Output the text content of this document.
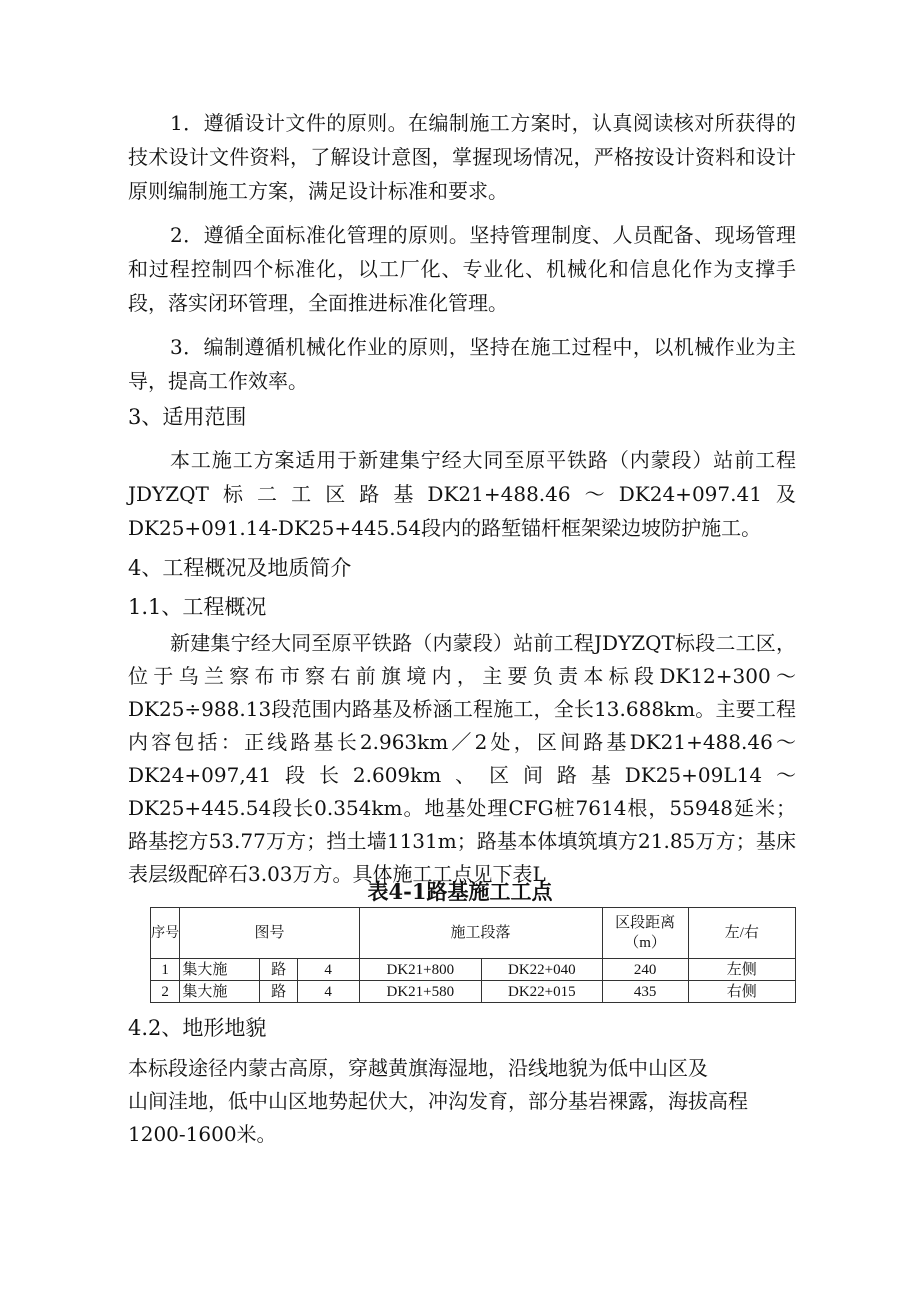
1．遵循设计文件的原则。在编制施工方案时，认真阅读核对所获得的技术设计文件资料，了解设计意图，掌握现场情况，严格按设计资料和设计原则编制施工方案，满足设计标准和要求。

2．遵循全面标准化管理的原则。坚持管理制度、人员配备、现场管理和过程控制四个标准化，以工厂化、专业化、机械化和信息化作为支撑手段，落实闭环管理，全面推进标准化管理。

3．编制遵循机械化作业的原则，坚持在施工过程中，以机械作业为主导，提高工作效率。

3、适用范围

本工施工方案适用于新建集宁经大同至原平铁路（内蒙段）站前工程JDYZQT标二工区路基DK21+488.46～DK24+097.41及DK25+091.14-DK25+445.54段内的路堑锚杆框架梁边坡防护施工。

4、工程概况及地质简介
1.1、工程概况

新建集宁经大同至原平铁路（内蒙段）站前工程JDYZQT标段二工区，位于乌兰察布市察右前旗境内，主要负责本标段DK12+300～DK25÷988.13段范围内路基及桥涵工程施工，全长13.688km。主要工程内容包括：正线路基长2.963km／2处，区间路基DK21+488.46～DK24+097,41段长2.609km、区间路基DK25+09L14～DK25+445.54段长0.354km。地基处理CFG桩7614根，55948延米；路基挖方53.77万方；挡土墙1131m；路基本体填筑填方21.85万方；基床表层级配碎石3.03万方。具体施工工点见下表L

表4-1路基施工工点
序号	图号			施工段落		区段距离（m）	左/右
1	集大施	路	4	DK21+800	DK22+040	240	左侧
2	集大施	路	4	DK21+580	DK22+015	435	右侧
4.2、地形地貌
本标段途径内蒙古高原，穿越黄旗海湿地，沿线地貌为低中山区及
山间洼地，低中山区地势起伏大，冲沟发育，部分基岩裸露，海拔高程1200-1600米。
